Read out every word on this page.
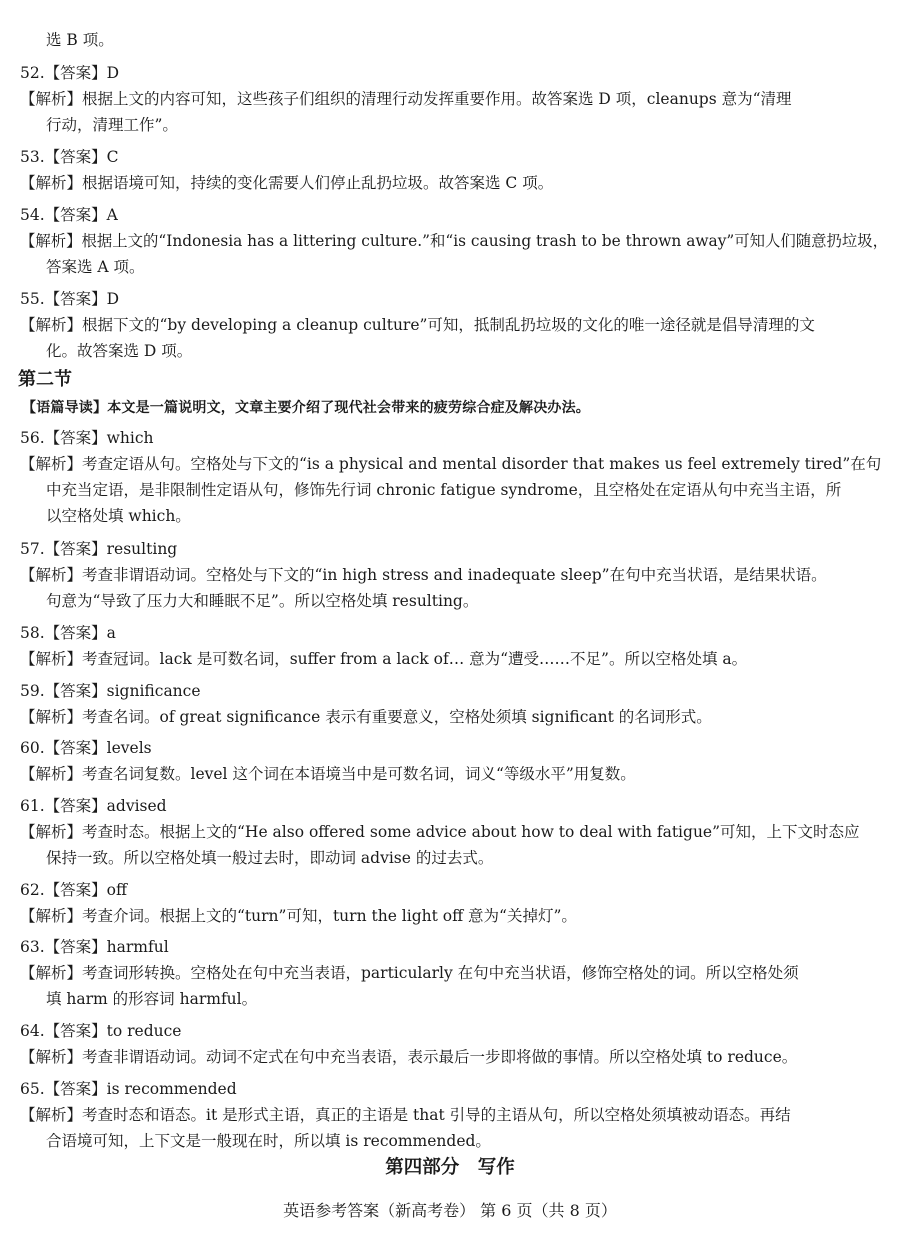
选 B 项。
52.【答案】D
【解析】根据上文的内容可知，这些孩子们组织的清理行动发挥重要作用。故答案选 D 项，cleanups 意为“清理
行动，清理工作”。
53.【答案】C
【解析】根据语境可知，持续的变化需要人们停止乱扔垃圾。故答案选 C 项。
54.【答案】A
【解析】根据上文的“Indonesia has a littering culture.”和“is causing trash to be thrown away”可知人们随意扔垃圾，
答案选 A 项。
55.【答案】D
【解析】根据下文的“by developing a cleanup culture”可知，抵制乱扔垃圾的文化的唯一途径就是倡导清理的文
化。故答案选 D 项。
第二节
【语篇导读】本文是一篇说明文，文章主要介绍了现代社会带来的疲劳综合症及解决办法。
56.【答案】which
【解析】考查定语从句。空格处与下文的“is a physical and mental disorder that makes us feel extremely tired”在句
中充当定语，是非限制性定语从句，修饰先行词 chronic fatigue syndrome，且空格处在定语从句中充当主语，所
以空格处填 which。
57.【答案】resulting
【解析】考查非谓语动词。空格处与下文的“in high stress and inadequate sleep”在句中充当状语，是结果状语。
句意为“导致了压力大和睡眠不足”。所以空格处填 resulting。
58.【答案】a
【解析】考查冠词。lack 是可数名词，suffer from a lack of… 意为“遭受……不足”。所以空格处填 a。
59.【答案】significance
【解析】考查名词。of great significance 表示有重要意义，空格处须填 significant 的名词形式。
60.【答案】levels
【解析】考查名词复数。level 这个词在本语境当中是可数名词，词义“等级水平”用复数。
61.【答案】advised
【解析】考查时态。根据上文的“He also offered some advice about how to deal with fatigue”可知，上下文时态应
保持一致。所以空格处填一般过去时，即动词 advise 的过去式。
62.【答案】off
【解析】考查介词。根据上文的“turn”可知，turn the light off 意为“关掉灯”。
63.【答案】harmful
【解析】考查词形转换。空格处在句中充当表语，particularly 在句中充当状语，修饰空格处的词。所以空格处须
填 harm 的形容词 harmful。
64.【答案】to reduce
【解析】考查非谓语动词。动词不定式在句中充当表语，表示最后一步即将做的事情。所以空格处填 to reduce。
65.【答案】is recommended
【解析】考查时态和语态。it 是形式主语，真正的主语是 that 引导的主语从句，所以空格处须填被动语态。再结
合语境可知，上下文是一般现在时，所以填 is recommended。
第四部分　写作
英语参考答案（新高考卷） 第 6 页（共 8 页）
